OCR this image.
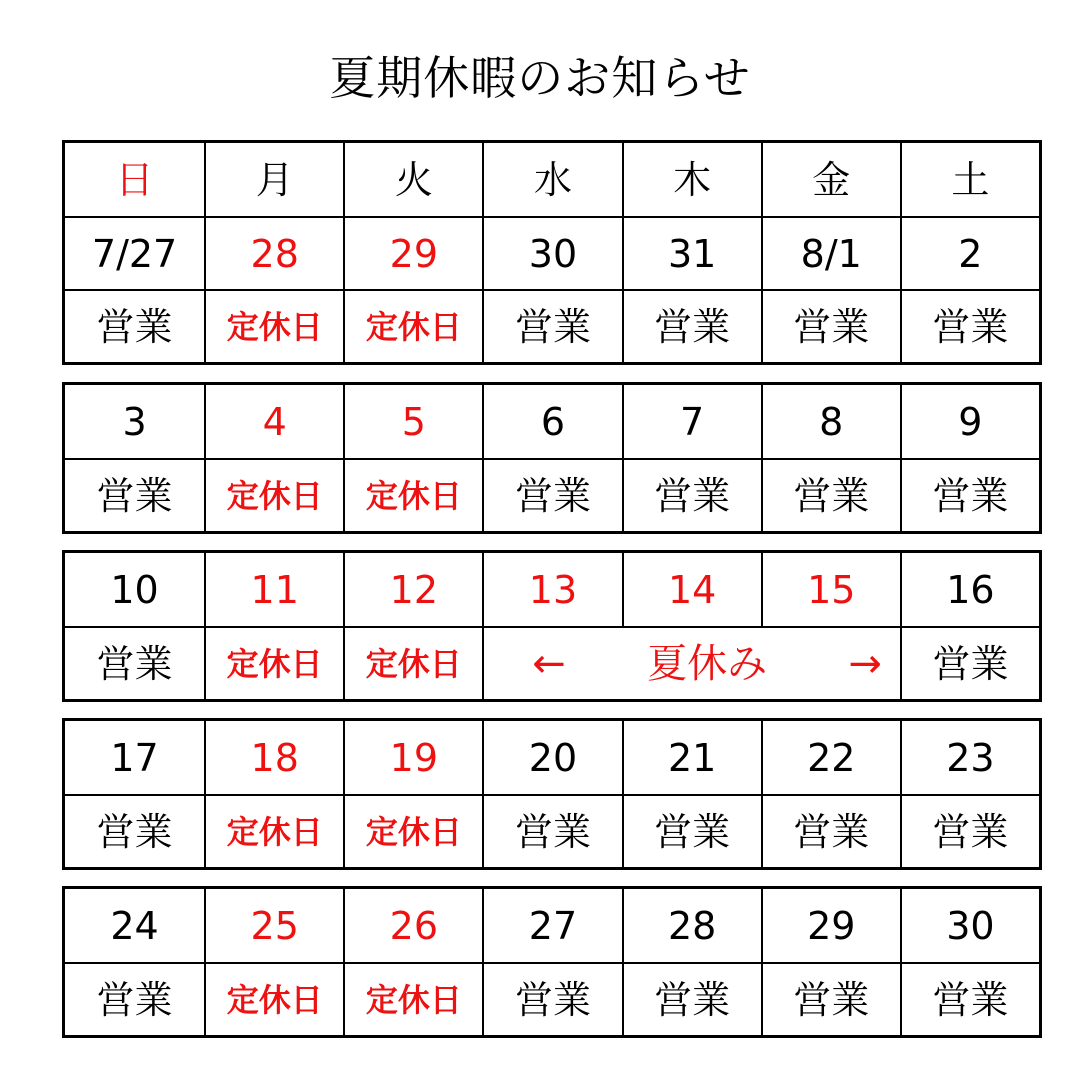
夏期休暇のお知らせ
日	月	火	水	木	金	土
7/27	28	29	30	31	8/1	2
営業	定休日	定休日	営業	営業	営業	営業
3	4	5	6	7	8	9
営業	定休日	定休日	営業	営業	営業	営業
10	11	12	13	14	15	16
営業	定休日	定休日	← 夏休み →	営業
17	18	19	20	21	22	23
営業	定休日	定休日	営業	営業	営業	営業
24	25	26	27	28	29	30
営業	定休日	定休日	営業	営業	営業	営業
